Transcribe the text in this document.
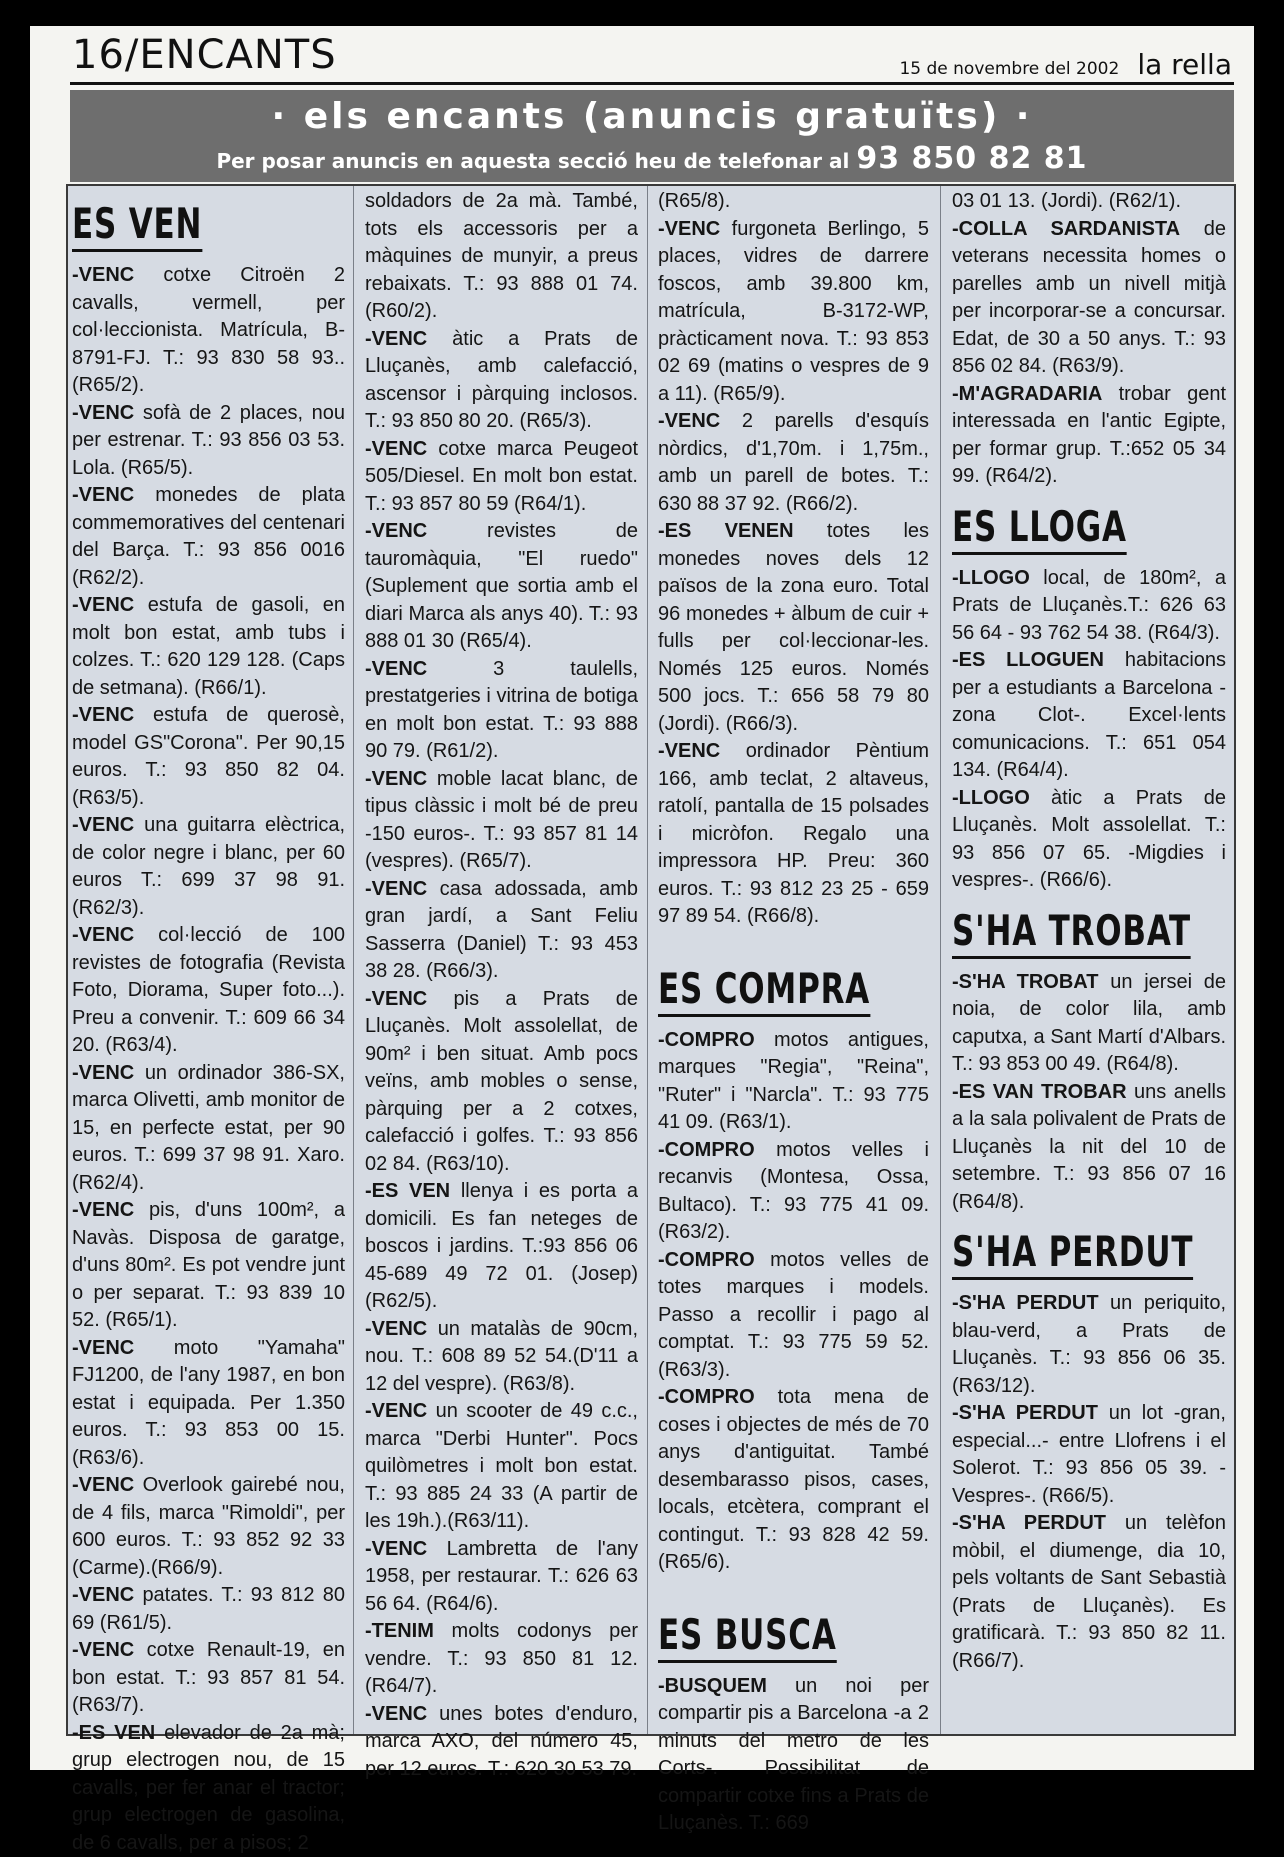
16/ENCANTS	15 de novembre del 2002 la rella
· els encants (anuncis gratuïts) ·
Per posar anuncis en aquesta secció heu de telefonar al 93 850 82 81
ES VEN
-VENC cotxe Citroën 2 cavalls, vermell, per col·leccionista. Matrícula, B-8791-FJ. T.: 93 830 58 93.. (R65/2).
-VENC sofà de 2 places, nou per estrenar. T.: 93 856 03 53. Lola. (R65/5).
-VENC monedes de plata commemoratives del centenari del Barça. T.: 93 856 0016 (R62/2).
-VENC estufa de gasoli, en molt bon estat, amb tubs i colzes. T.: 620 129 128. (Caps de setmana). (R66/1).
-VENC estufa de querosè, model GS"Corona". Per 90,15 euros. T.: 93 850 82 04. (R63/5).
-VENC una guitarra elèctrica, de color negre i blanc, per 60 euros T.: 699 37 98 91. (R62/3).
-VENC col·lecció de 100 revistes de fotografia (Revista Foto, Diorama, Super foto...). Preu a convenir. T.: 609 66 34 20. (R63/4).
-VENC un ordinador 386-SX, marca Olivetti, amb monitor de 15, en perfecte estat, per 90 euros. T.: 699 37 98 91. Xaro. (R62/4).
-VENC pis, d'uns 100m², a Navàs. Disposa de garatge, d'uns 80m². Es pot vendre junt o per separat. T.: 93 839 10 52. (R65/1).
-VENC moto "Yamaha" FJ1200, de l'any 1987, en bon estat i equipada. Per 1.350 euros. T.: 93 853 00 15. (R63/6).
-VENC Overlook gairebé nou, de 4 fils, marca "Rimoldi", per 600 euros. T.: 93 852 92 33 (Carme).(R66/9).
-VENC patates. T.: 93 812 80 69 (R61/5).
-VENC cotxe Renault-19, en bon estat. T.: 93 857 81 54. (R63/7).
-ES VEN elevador de 2a mà; grup electrogen nou, de 15 cavalls, per fer anar el tractor; grup electrogen de gasolina, de 6 cavalls, per a pisos; 2
soldadors de 2a mà. També, tots els accessoris per a màquines de munyir, a preus rebaixats. T.: 93 888 01 74. (R60/2).
-VENC àtic a Prats de Lluçanès, amb calefacció, ascensor i pàrquing inclosos. T.: 93 850 80 20. (R65/3).
-VENC cotxe marca Peugeot 505/Diesel. En molt bon estat. T.: 93 857 80 59 (R64/1).
-VENC	revistes de tauromàquia, "El ruedo" (Suplement que sortia amb el diari Marca als anys 40). T.: 93 888 01 30 (R65/4).
-VENC	3 taulells, prestatgeries i vitrina de botiga en molt bon estat. T.: 93 888 90 79. (R61/2).
-VENC moble lacat blanc, de tipus clàssic i molt bé de preu -150 euros-. T.: 93 857 81 14 (vespres). (R65/7).
-VENC casa adossada, amb gran jardí, a Sant Feliu Sasserra (Daniel) T.: 93 453 38 28. (R66/3).
-VENC pis a Prats de Lluçanès. Molt assolellat, de 90m² i ben situat. Amb pocs veïns, amb mobles o sense, pàrquing per a 2 cotxes, calefacció i golfes. T.: 93 856 02 84. (R63/10).
-ES VEN llenya i es porta a domicili. Es fan neteges de boscos i jardins. T.:93 856 06 45-689 49 72 01. (Josep) (R62/5).
-VENC un matalàs de 90cm, nou. T.: 608 89 52 54.(D'11 a 12 del vespre). (R63/8).
-VENC un scooter de 49 c.c., marca "Derbi Hunter". Pocs quilòmetres i molt bon estat. T.: 93 885 24 33 (A partir de les 19h.).(R63/11).
-VENC Lambretta de l'any 1958, per restaurar. T.: 626 63 56 64. (R64/6).
-TENIM molts codonys per vendre. T.: 93 850 81 12. (R64/7).
-VENC unes botes d'enduro, marca AXO, del número 45, per 12 euros. T.: 620 30 53 79.
(R65/8).
-VENC furgoneta Berlingo, 5 places, vidres de darrere foscos, amb 39.800 km, matrícula, B-3172-WP, pràcticament nova. T.: 93 853 02 69 (matins o vespres de 9 a 11). (R65/9).
-VENC 2 parells d'esquís nòrdics, d'1,70m. i 1,75m., amb un parell de botes. T.: 630 88 37 92. (R66/2).
-ES VENEN totes les monedes noves dels 12 països de la zona euro. Total 96 monedes + àlbum de cuir + fulls per col·leccionar-les. Només 125 euros. Només 500 jocs. T.: 656 58 79 80 (Jordi). (R66/3).
-VENC ordinador Pèntium 166, amb teclat, 2 altaveus, ratolí, pantalla de 15 polsades i micròfon. Regalo una impressora HP. Preu: 360 euros. T.: 93 812 23 25 - 659 97 89 54. (R66/8).
ES COMPRA
-COMPRO motos antigues, marques "Regia", "Reina", "Ruter" i "Narcla". T.: 93 775 41 09. (R63/1).
-COMPRO motos velles i recanvis (Montesa, Ossa, Bultaco). T.: 93 775 41 09.(R63/2).
-COMPRO motos velles de totes marques i models. Passo a recollir i pago al comptat. T.: 93 775 59 52. (R63/3).
-COMPRO tota mena de coses i objectes de més de 70 anys d'antiguitat. També desembarasso pisos, cases, locals, etcètera, comprant el contingut. T.: 93 828 42 59. (R65/6).
ES BUSCA
-BUSQUEM un noi per compartir pis a Barcelona -a 2 minuts del metro de les Corts-. Possibilitat de compartir cotxe fins a Prats de Lluçanès. T.: 669
03 01 13. (Jordi). (R62/1).
-COLLA SARDANISTA de veterans necessita homes o parelles amb un nivell mitjà per incorporar-se a concursar. Edat, de 30 a 50 anys. T.: 93 856 02 84. (R63/9).
-M'AGRADARIA trobar gent interessada en l'antic Egipte, per formar grup. T.:652 05 34 99. (R64/2).
ES LLOGA
-LLOGO local, de 180m², a Prats de Lluçanès.T.: 626 63 56 64 - 93 762 54 38. (R64/3).
-ES LLOGUEN habitacions per a estudiants a Barcelona -zona Clot-. Excel·lents comunicacions. T.: 651 054 134. (R64/4).
-LLOGO àtic a Prats de Lluçanès. Molt assolellat. T.: 93 856 07 65. -Migdies i vespres-. (R66/6).
S'HA TROBAT
-S'HA TROBAT un jersei de noia, de color lila, amb caputxa, a Sant Martí d'Albars. T.: 93 853 00 49. (R64/8).
-ES VAN TROBAR uns anells a la sala polivalent de Prats de Lluçanès la nit del 10 de setembre. T.: 93 856 07 16 (R64/8).
S'HA PERDUT
-S'HA PERDUT un periquito, blau-verd, a Prats de Lluçanès. T.: 93 856 06 35. (R63/12).
-S'HA PERDUT un lot -gran, especial...- entre Llofrens i el Solerot. T.: 93 856 05 39. -Vespres-. (R66/5).
-S'HA PERDUT un telèfon mòbil, el diumenge, dia 10, pels voltants de Sant Sebastià (Prats de Lluçanès). Es gratificarà. T.: 93 850 82 11. (R66/7).
